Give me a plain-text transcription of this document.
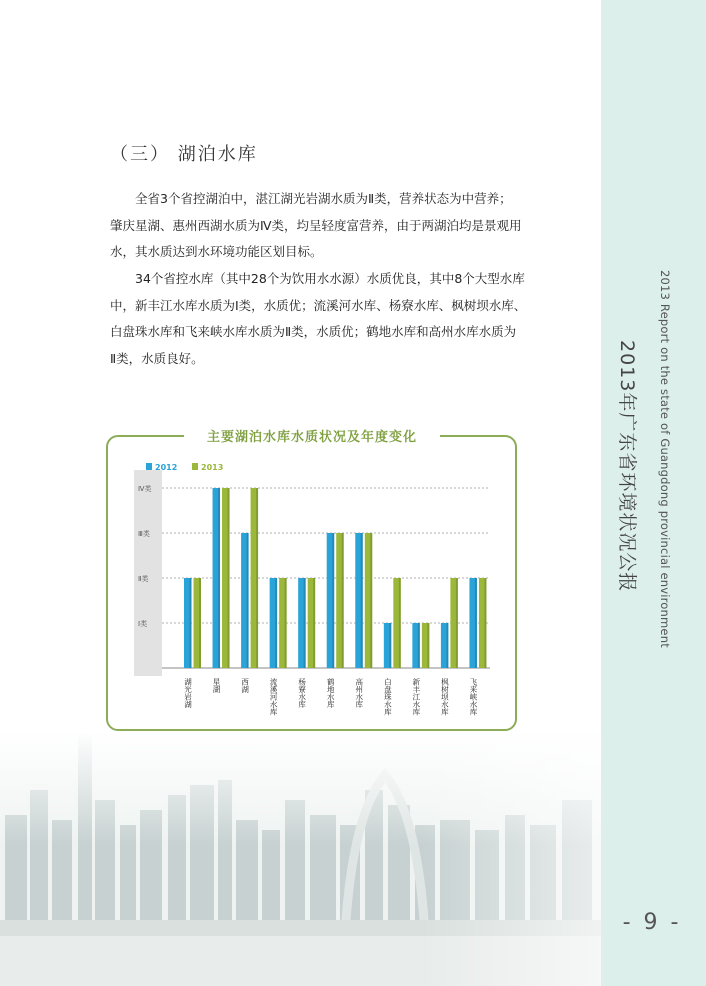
2013 Report on the state of Guangdong provincial environment
2013年广东省环境状况公报
- 9 -
（三） 湖泊水库
全省3个省控湖泊中，湛江湖光岩湖水质为Ⅱ类，营养状态为中营养；
肇庆星湖、惠州西湖水质为Ⅳ类，均呈轻度富营养，由于两湖泊均是景观用
水，其水质达到水环境功能区划目标。
34个省控水库（其中28个为饮用水水源）水质优良，其中8个大型水库
中，新丰江水库水质为Ⅰ类，水质优；流溪河水库、杨寮水库、枫树坝水库、
白盘珠水库和飞来峡水库水质为Ⅱ类，水质优；鹤地水库和高州水库水质为
Ⅱ类，水质良好。
主要湖泊水库水质状况及年度变化
Ⅰ类
Ⅱ类
Ⅲ类
Ⅳ类
2012	2013
湖光岩湖	星湖	西湖	流溪河水库	杨寮水库	鹤地水库	高州水库	白盘珠水库	新丰江水库	枫树坝水库	飞来峡水库
